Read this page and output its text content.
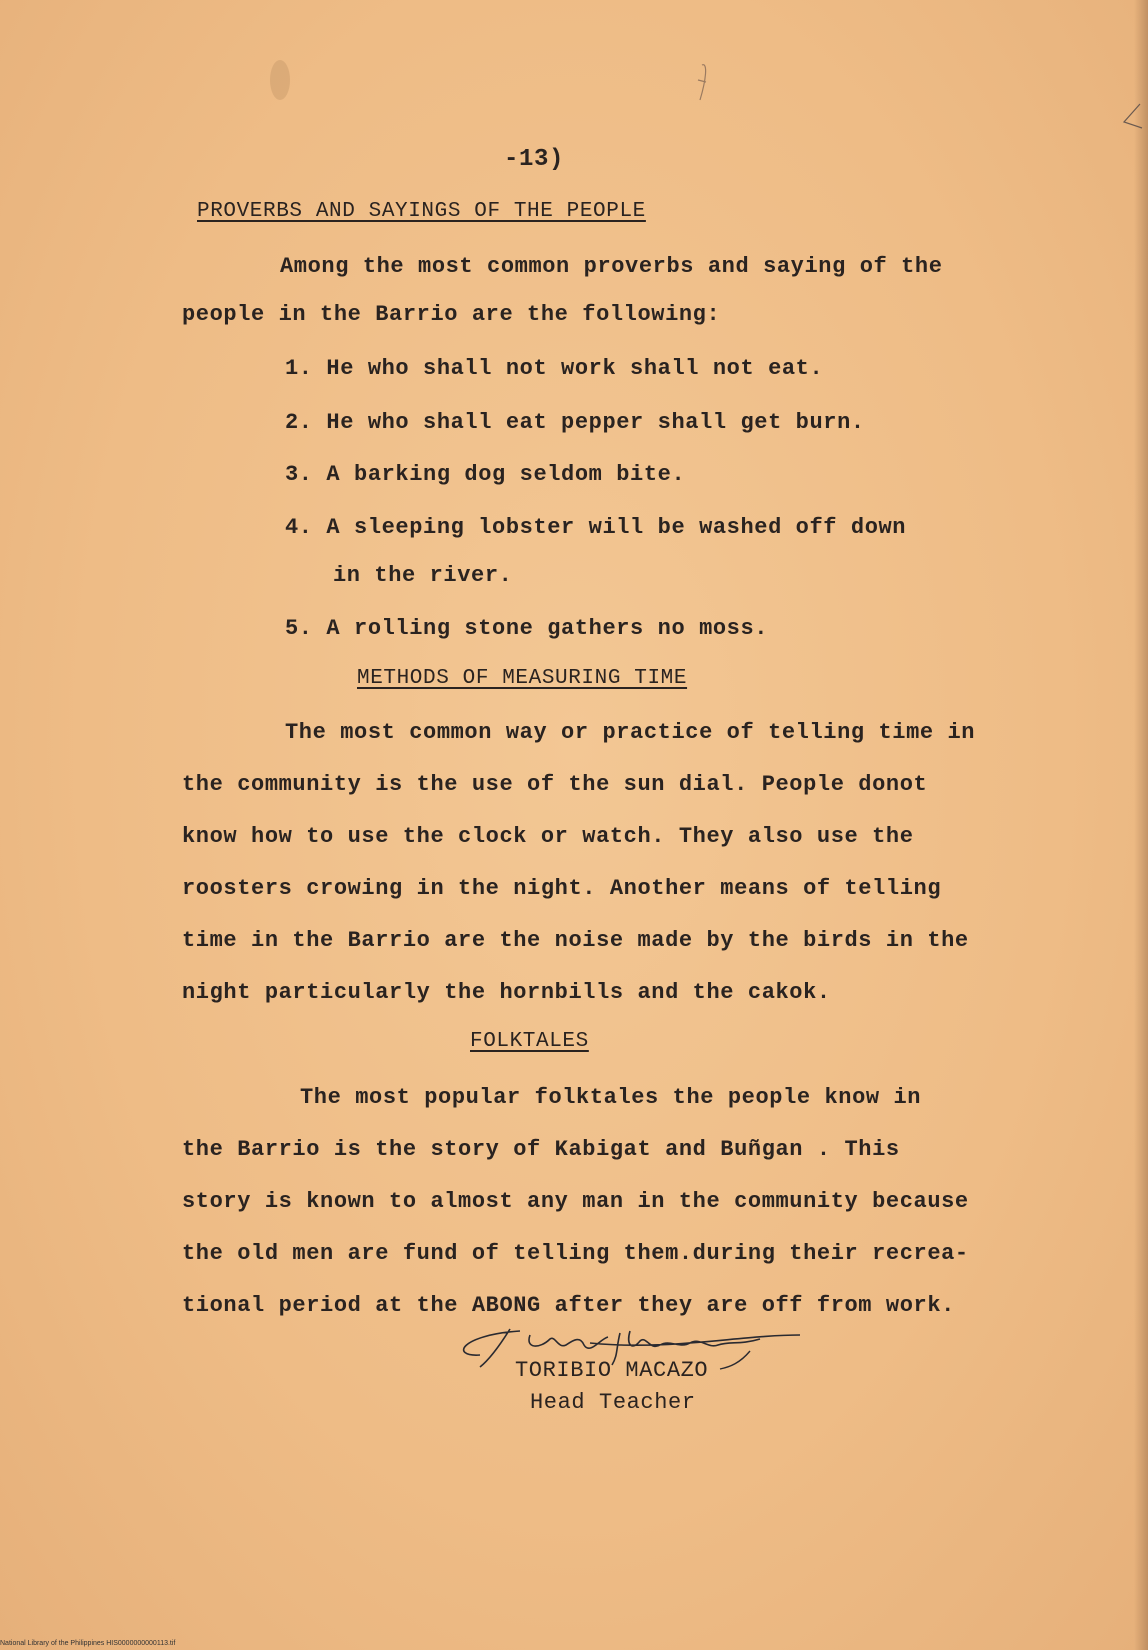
-13)
PROVERBS AND SAYINGS OF THE PEOPLE
Among the most common proverbs and saying of the
people in the Barrio are the following:
1. He who shall not work shall not eat.
2. He who shall eat pepper shall get burn.
3. A barking dog seldom bite.
4. A sleeping lobster will be washed off down
in the river.
5. A rolling stone gathers no moss.
METHODS OF MEASURING TIME
The most common way or practice of telling time in
the community is the use of the sun dial. People donot
know how to use the clock or watch. They also use the
roosters crowing in the night. Another means of telling
time in the Barrio are the noise made by the birds in the
night particularly the hornbills and the cakok.
FOLKTALES
The most popular folktales the people know in
the Barrio is the story of Kabigat and Buñgan . This
story is known to almost any man in the community because
the old men are fund of telling them.during their recrea-
tional period at the ABONG after they are off from work.
TORIBIO MACAZO
Head Teacher
National Library of the Philippines HIS0000000000113.tif
